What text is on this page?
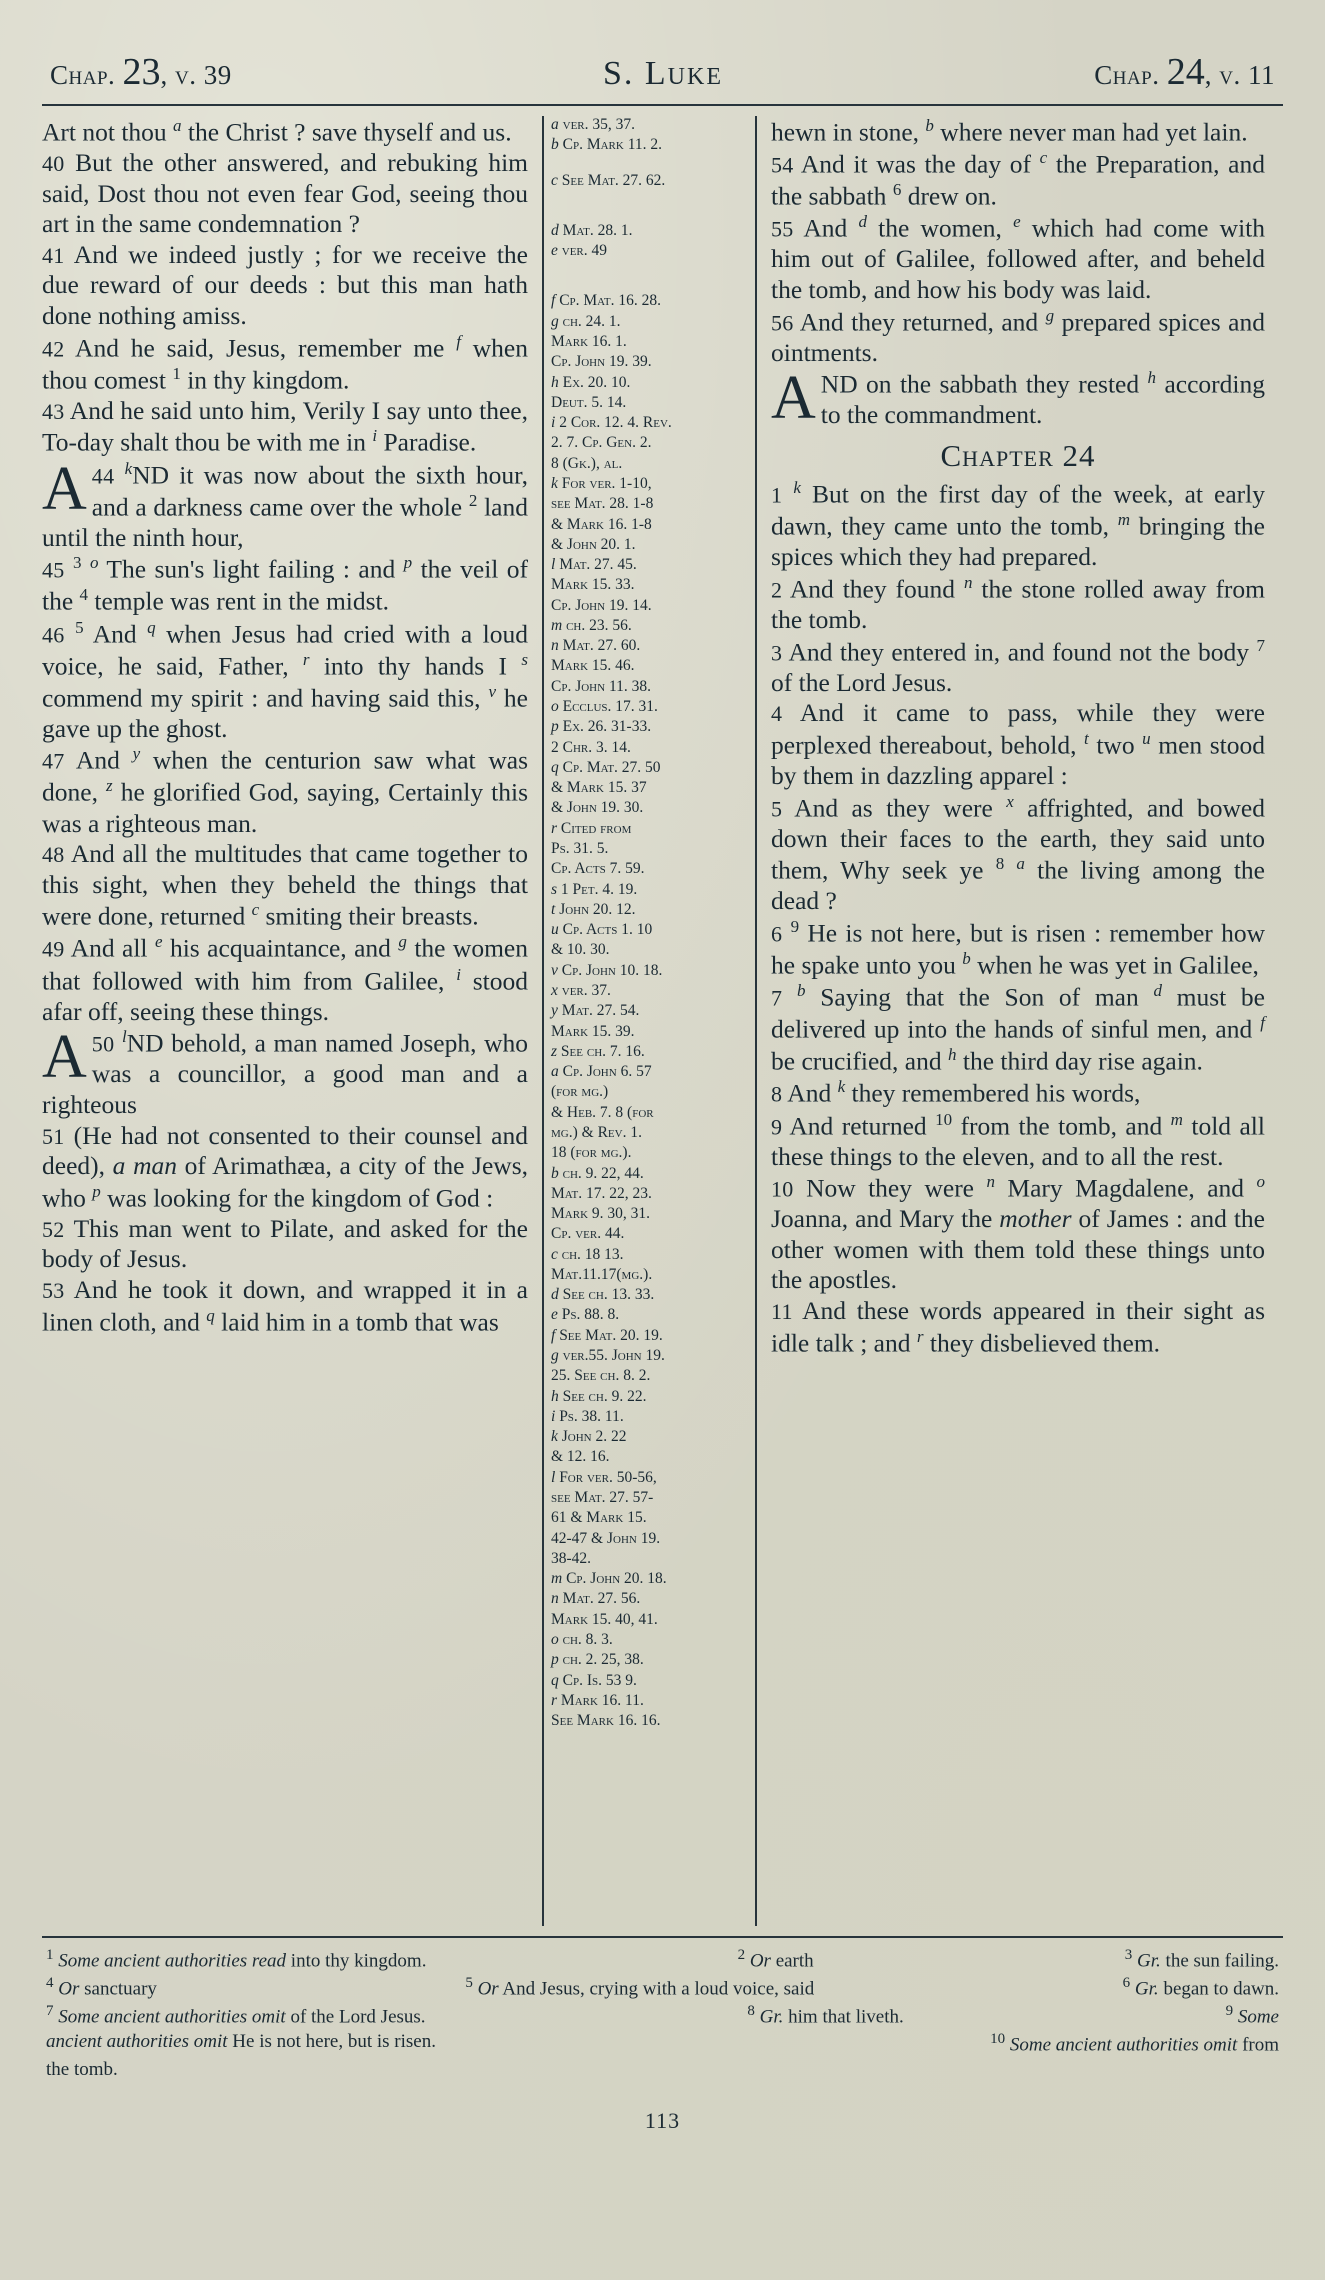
Chap. 23, v. 39	S. Luke	Chap. 24, v. 11

Art not thou $^a$ the Christ ? save thyself and us.

40 But the other answered, and rebuking him said, Dost thou not even fear God, seeing thou art in the same condemnation ?

41 And we indeed justly ; for we receive the due reward of our deeds : but this man hath done nothing amiss.

42 And he said, Jesus, remember me $^f$ when thou comest $^1$ in thy kingdom.

43 And he said unto him, Verily I say unto thee, To-day shalt thou be with me in $^i$ Paradise.

44 $^k$
A ND it was now about the sixth hour, and a darkness came over the whole $^2$ land until the ninth hour,

45 $^3$ $^o$ The sun's light failing : and $^p$ the veil of the $^4$ temple was rent in the midst.

46 $^5$ And $^q$ when Jesus had cried with a loud voice, he said, Father, $^r$ into thy hands I $^s$ commend my spirit : and having said this, $^v$ he gave up the ghost.

47 And $^y$ when the centurion saw what was done, $^z$ he glorified God, saying, Certainly this was a righteous man.

48 And all the multitudes that came together to this sight, when they beheld the things that were done, returned $^c$ smiting their breasts.

49 And all $^e$ his acquaintance, and $^g$ the women that followed with him from Galilee, $^i$ stood afar off, seeing these things.

50 $^l$
A ND behold, a man named Joseph, who was a councillor, a good man and a righteous

51 (He had not consented to their counsel and deed), a man of Arimathæa, a city of the Jews, who $^p$ was looking for the kingdom of God :

52 This man went to Pilate, and asked for the body of Jesus.

53 And he took it down, and wrapped it in a linen cloth, and $^q$ laid him in a tomb that was

a ver. 35, 37.
b Cp. Mark 11. 2.
c See Mat. 27. 62.
d Mat. 28. 1.
e ver. 49
f Cp. Mat. 16. 28.
g ch. 24. 1.
Mark 16. 1.
Cp. John 19. 39.
h Ex. 20. 10.
Deut. 5. 14.
i 2 Cor. 12. 4. Rev.
2. 7. Cp. Gen. 2.
8 (Gk.), al.
k For ver. 1-10,
see Mat. 28. 1-8
& Mark 16. 1-8
& John 20. 1.
l Mat. 27. 45.
Mark 15. 33.
Cp. John 19. 14.
m ch. 23. 56.
n Mat. 27. 60.
Mark 15. 46.
Cp. John 11. 38.
o Ecclus. 17. 31.
p Ex. 26. 31-33.
2 Chr. 3. 14.
q Cp. Mat. 27. 50
& Mark 15. 37
& John 19. 30.
r Cited from
Ps. 31. 5.
Cp. Acts 7. 59.
s 1 Pet. 4. 19.
t John 20. 12.
u Cp. Acts 1. 10
& 10. 30.
v Cp. John 10. 18.
x ver. 37.
y Mat. 27. 54.
Mark 15. 39.
z See ch. 7. 16.
a Cp. John 6. 57
(for mg.)
& Heb. 7. 8 (for
mg.) & Rev. 1.
18 (for mg.).
b ch. 9. 22, 44.
Mat. 17. 22, 23.
Mark 9. 30, 31.
Cp. ver. 44.
c ch. 18 13.
Mat.11.17(mg.).
d See ch. 13. 33.
e Ps. 88. 8.
f See Mat. 20. 19.
g ver.55. John 19.
25. See ch. 8. 2.
h See ch. 9. 22.
i Ps. 38. 11.
k John 2. 22
& 12. 16.
l For ver. 50-56,
see Mat. 27. 57-
61 & Mark 15.
42-47 & John 19.
38-42.
m Cp. John 20. 18.
n Mat. 27. 56.
Mark 15. 40, 41.
o ch. 8. 3.
p ch. 2. 25, 38.
q Cp. Is. 53 9.
r Mark 16. 11.
See Mark 16. 16.

hewn in stone, $^b$ where never man had yet lain.

54 And it was the day of $^c$ the Preparation, and the sabbath $^6$ drew on.

55 And $^d$ the women, $^e$ which had come with him out of Galilee, followed after, and beheld the tomb, and how his body was laid.

56 And they returned, and $^g$ prepared spices and ointments.

AND on the sabbath they rested $^h$ according to the commandment.

Chapter 24

1 $^k$ But on the first day of the week, at early dawn, they came unto the tomb, $^m$ bringing the spices which they had prepared.

2 And they found $^n$ the stone rolled away from the tomb.

3 And they entered in, and found not the body $^7$ of the Lord Jesus.

4 And it came to pass, while they were perplexed thereabout, behold, $^t$ two $^u$ men stood by them in dazzling apparel :

5 And as they were $^x$ affrighted, and bowed down their faces to the earth, they said unto them, Why seek ye $^8$ $^a$ the living among the dead ?

6 $^9$ He is not here, but is risen : remember how he spake unto you $^b$ when he was yet in Galilee,

7 $^b$ Saying that the Son of man $^d$ must be delivered up into the hands of sinful men, and $^f$ be crucified, and $^h$ the third day rise again.

8 And $^k$ they remembered his words,

9 And returned $^{10}$ from the tomb, and $^m$ told all these things to the eleven, and to all the rest.

10 Now they were $^n$ Mary Magdalene, and $^o$ Joanna, and Mary the mother of James : and the other women with them told these things unto the apostles.

11 And these words appeared in their sight as idle talk ; and $^r$ they disbelieved them.

$^1$ Some ancient authorities read into thy kingdom.	$^2$ Or earth	$^3$ Gr. the sun failing.
$^4$ Or sanctuary	$^5$ Or And Jesus, crying with a loud voice, said	$^6$ Gr. began to dawn.
$^7$ Some ancient authorities omit of the Lord Jesus.	$^8$ Gr. him that liveth.	$^9$ Some
ancient authorities omit He is not here, but is risen.	$^{10}$ Some ancient authorities omit from
the tomb.
113
